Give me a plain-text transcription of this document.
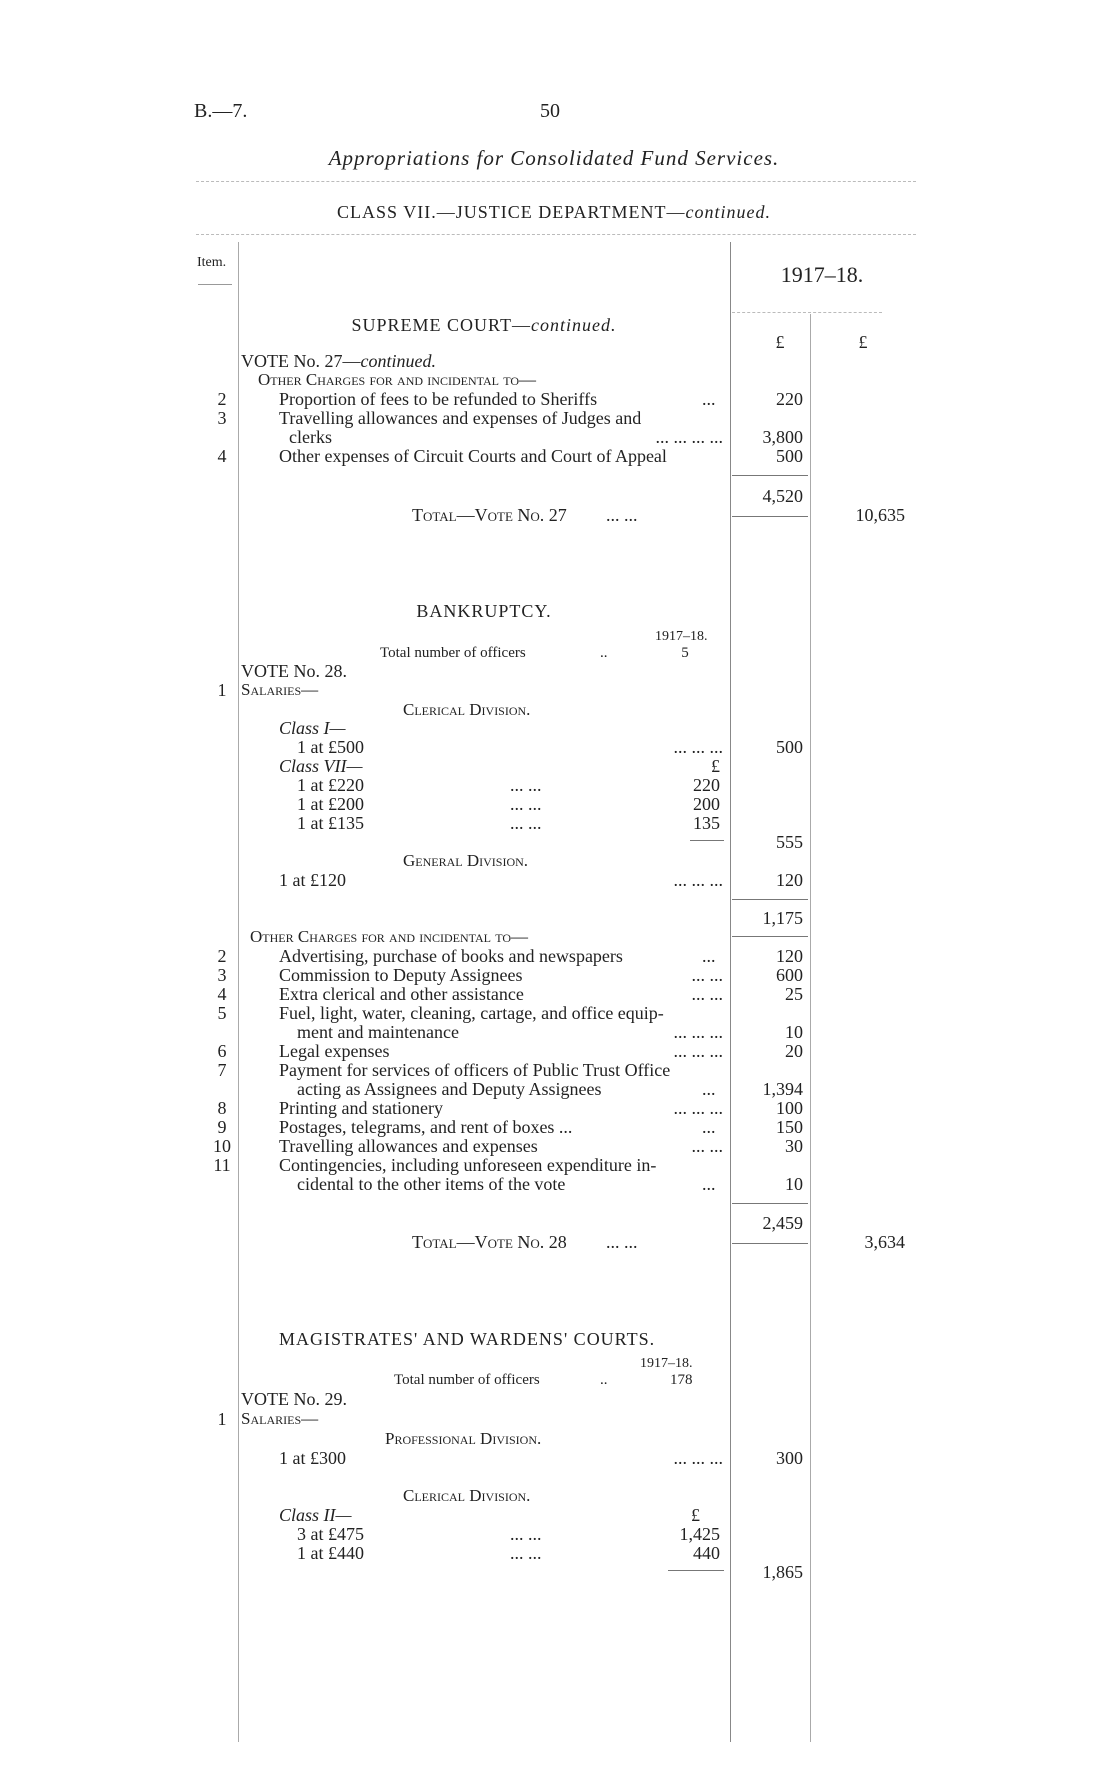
B.—7.	50
Appropriations for Consolidated Fund Services.
CLASS VII.—JUSTICE DEPARTMENT—continued.
Item.	1917–18.
£	£
SUPREME COURT—continued.
VOTE No. 27—continued.
Other Charges for and incidental to—
2	Proportion of fees to be refunded to Sheriffs	...	220
3	Travelling allowances and expenses of Judges and
clerks	... ... ... ...	3,800
4	Other expenses of Circuit Courts and Court of Appeal	500
4,520
Total—Vote No. 27 ... ...	10,635
BANKRUPTCY.
1917–18.
Total number of officers	..	5
VOTE No. 28.
1 Salaries—
Clerical Division.
Class I—
1 at £500	... ... ...	500
Class VII—	£
1 at £220	... ...	220
1 at £200	... ...	200
1 at £135	... ...	135
555
General Division.
1 at £120	... ... ...	120
1,175
Other Charges for and incidental to—
2	Advertising, purchase of books and newspapers	...	120
3	Commission to Deputy Assignees	... ...	600
4	Extra clerical and other assistance	... ...	25
5	Fuel, light, water, cleaning, cartage, and office equip-
ment and maintenance	... ... ...	10
6	Legal expenses	... ... ...	20
7	Payment for services of officers of Public Trust Office
acting as Assignees and Deputy Assignees	...	1,394
8	Printing and stationery	... ... ...	100
9	Postages, telegrams, and rent of boxes ...	...	150
10	Travelling allowances and expenses	... ...	30
11	Contingencies, including unforeseen expenditure in-
cidental to the other items of the vote	...	10
2,459
Total—Vote No. 28 ... ...	3,634
MAGISTRATES' AND WARDENS' COURTS.
1917–18.
Total number of officers	..	178
VOTE No. 29.
1 Salaries—
Professional Division.
1 at £300	... ... ...	300
Clerical Division.
Class II—	£
3 at £475	... ...	1,425
1 at £440	... ...	440
1,865
